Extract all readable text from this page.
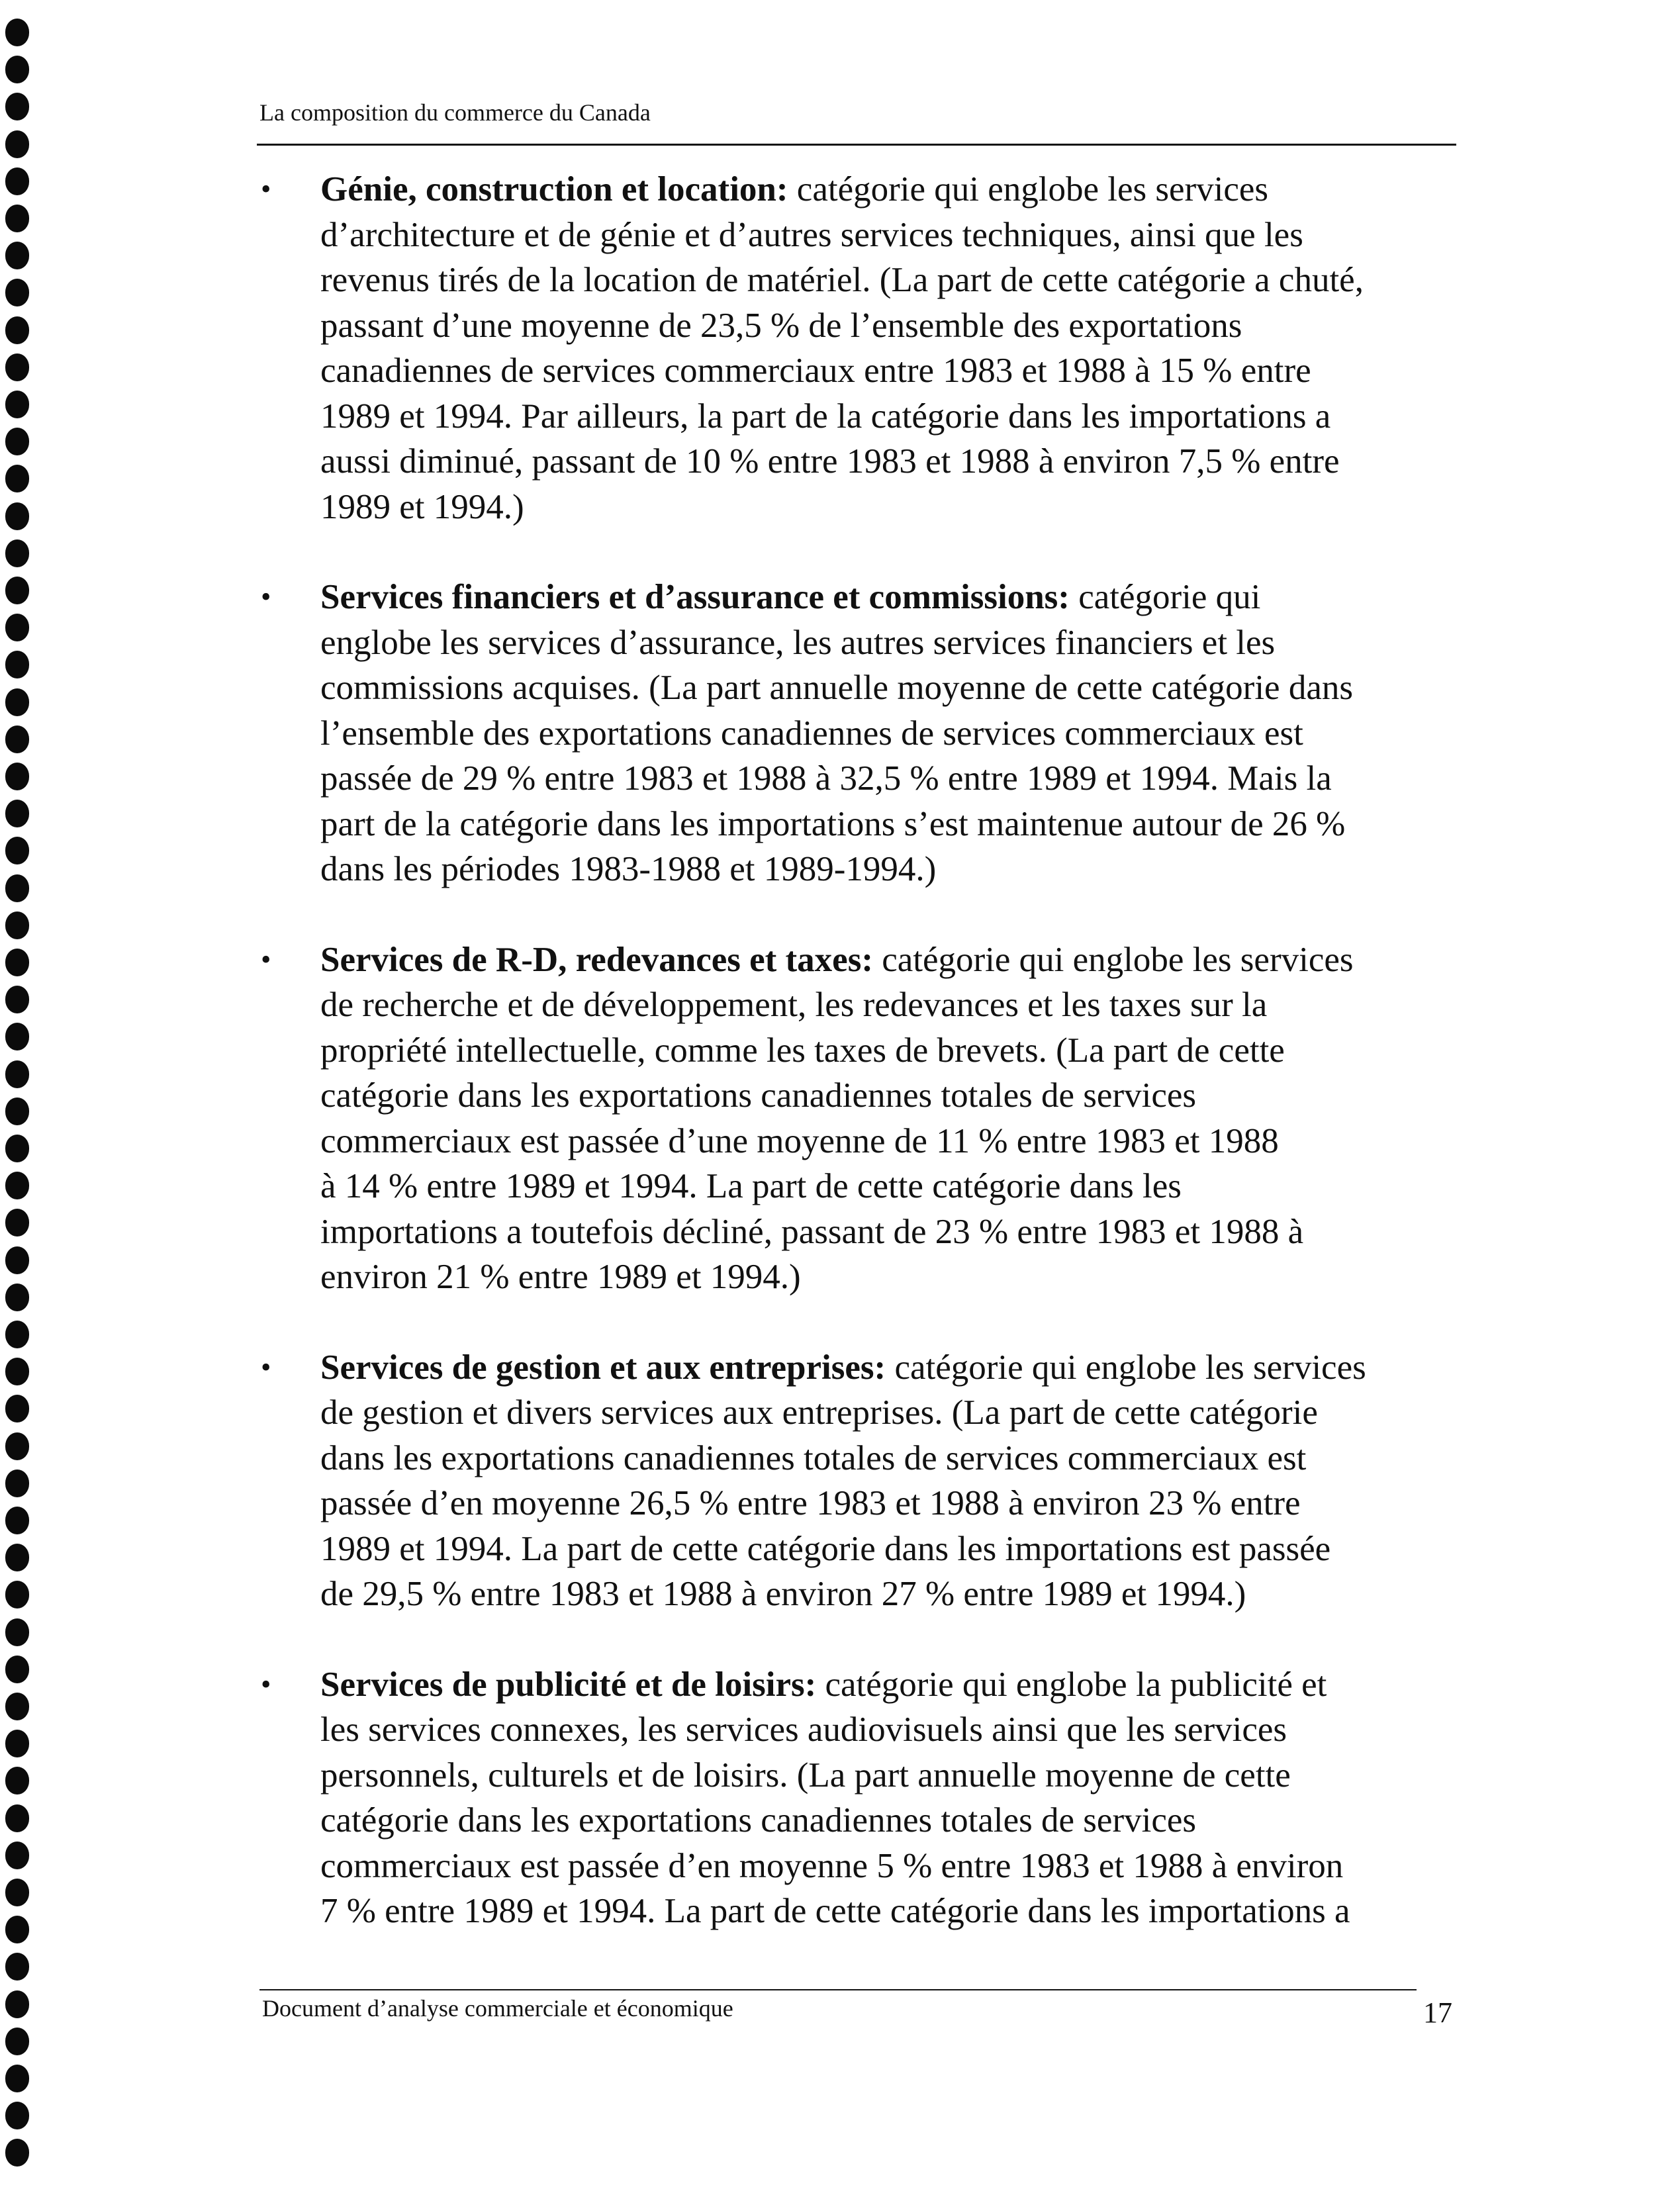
La composition du commerce du Canada
• Génie, construction et location: catégorie qui englobe les services
d’architecture et de génie et d’autres services techniques, ainsi que les
revenus tirés de la location de matériel. (La part de cette catégorie a chuté,
passant d’une moyenne de 23,5 % de l’ensemble des exportations
canadiennes de services commerciaux entre 1983 et 1988 à 15 % entre
1989 et 1994. Par ailleurs, la part de la catégorie dans les importations a
aussi diminué, passant de 10 % entre 1983 et 1988 à environ 7,5 % entre
1989 et 1994.)
• Services financiers et d’assurance et commissions: catégorie qui
englobe les services d’assurance, les autres services financiers et les
commissions acquises. (La part annuelle moyenne de cette catégorie dans
l’ensemble des exportations canadiennes de services commerciaux est
passée de 29 % entre 1983 et 1988 à 32,5 % entre 1989 et 1994. Mais la
part de la catégorie dans les importations s’est maintenue autour de 26 %
dans les périodes 1983-1988 et 1989-1994.)
• Services de R-D, redevances et taxes: catégorie qui englobe les services
de recherche et de développement, les redevances et les taxes sur la
propriété intellectuelle, comme les taxes de brevets. (La part de cette
catégorie dans les exportations canadiennes totales de services
commerciaux est passée d’une moyenne de 11 % entre 1983 et 1988
à 14 % entre 1989 et 1994. La part de cette catégorie dans les
importations a toutefois décliné, passant de 23 % entre 1983 et 1988 à
environ 21 % entre 1989 et 1994.)
• Services de gestion et aux entreprises: catégorie qui englobe les services
de gestion et divers services aux entreprises. (La part de cette catégorie
dans les exportations canadiennes totales de services commerciaux est
passée d’en moyenne 26,5 % entre 1983 et 1988 à environ 23 % entre
1989 et 1994. La part de cette catégorie dans les importations est passée
de 29,5 % entre 1983 et 1988 à environ 27 % entre 1989 et 1994.)
• Services de publicité et de loisirs: catégorie qui englobe la publicité et
les services connexes, les services audiovisuels ainsi que les services
personnels, culturels et de loisirs. (La part annuelle moyenne de cette
catégorie dans les exportations canadiennes totales de services
commerciaux est passée d’en moyenne 5 % entre 1983 et 1988 à environ
7 % entre 1989 et 1994. La part de cette catégorie dans les importations a
Document d’analyse commerciale et économique	17
